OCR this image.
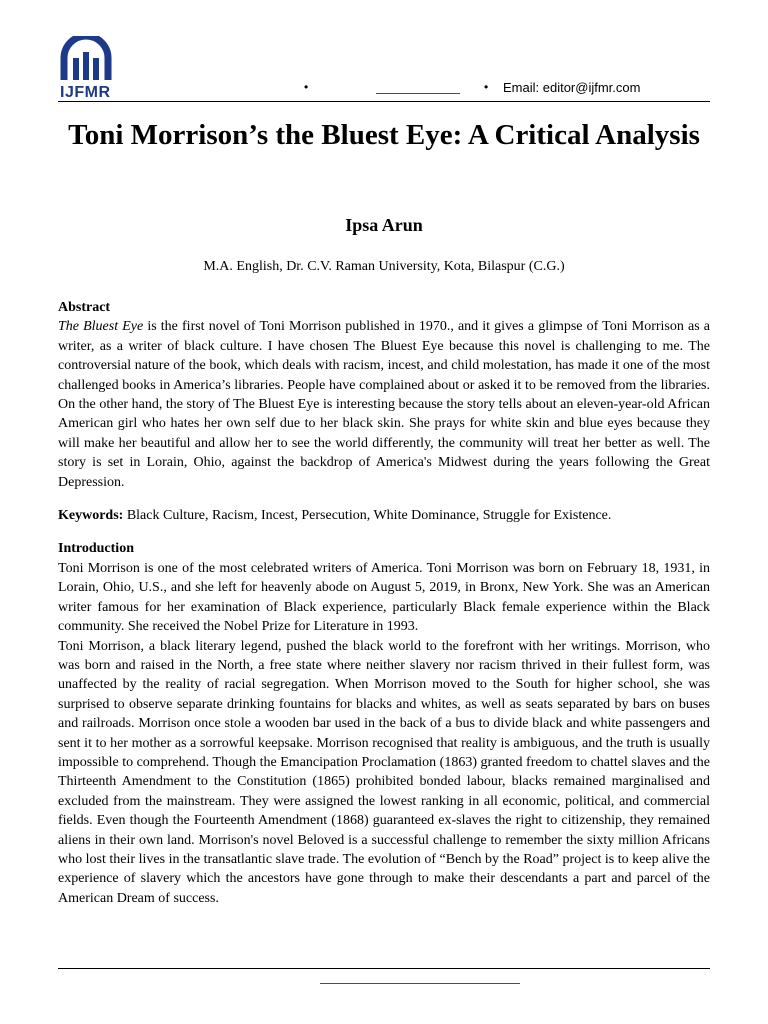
IJFMR	•	• Email: editor@ijfmr.com
Toni Morrison’s the Bluest Eye: A Critical Analysis

Ipsa Arun

M.A. English, Dr. C.V. Raman University, Kota, Bilaspur (C.G.)

Abstract

The Bluest Eye is the first novel of Toni Morrison published in 1970., and it gives a glimpse of Toni Morrison as a writer, as a writer of black culture. I have chosen The Bluest Eye because this novel is challenging to me. The controversial nature of the book, which deals with racism, incest, and child molestation, has made it one of the most challenged books in America’s libraries. People have complained about or asked it to be removed from the libraries. On the other hand, the story of The Bluest Eye is interesting because the story tells about an eleven-year-old African American girl who hates her own self due to her black skin. She prays for white skin and blue eyes because they will make her beautiful and allow her to see the world differently, the community will treat her better as well. The story is set in Lorain, Ohio, against the backdrop of America's Midwest during the years following the Great Depression.

Keywords: Black Culture, Racism, Incest, Persecution, White Dominance, Struggle for Existence.

Introduction

Toni Morrison is one of the most celebrated writers of America. Toni Morrison was born on February 18, 1931, in Lorain, Ohio, U.S., and she left for heavenly abode on August 5, 2019, in Bronx, New York. She was an American writer famous for her examination of Black experience, particularly Black female experience within the Black community. She received the Nobel Prize for Literature in 1993.

Toni Morrison, a black literary legend, pushed the black world to the forefront with her writings. Morrison, who was born and raised in the North, a free state where neither slavery nor racism thrived in their fullest form, was unaffected by the reality of racial segregation. When Morrison moved to the South for higher school, she was surprised to observe separate drinking fountains for blacks and whites, as well as seats separated by bars on buses and railroads. Morrison once stole a wooden bar used in the back of a bus to divide black and white passengers and sent it to her mother as a sorrowful keepsake. Morrison recognised that reality is ambiguous, and the truth is usually impossible to comprehend. Though the Emancipation Proclamation (1863) granted freedom to chattel slaves and the Thirteenth Amendment to the Constitution (1865) prohibited bonded labour, blacks remained marginalised and excluded from the mainstream. They were assigned the lowest ranking in all economic, political, and commercial fields. Even though the Fourteenth Amendment (1868) guaranteed ex-slaves the right to citizenship, they remained aliens in their own land. Morrison's novel Beloved is a successful challenge to remember the sixty million Africans who lost their lives in the transatlantic slave trade. The evolution of “Bench by the Road” project is to keep alive the experience of slavery which the ancestors have gone through to make their descendants a part and parcel of the American Dream of success.
